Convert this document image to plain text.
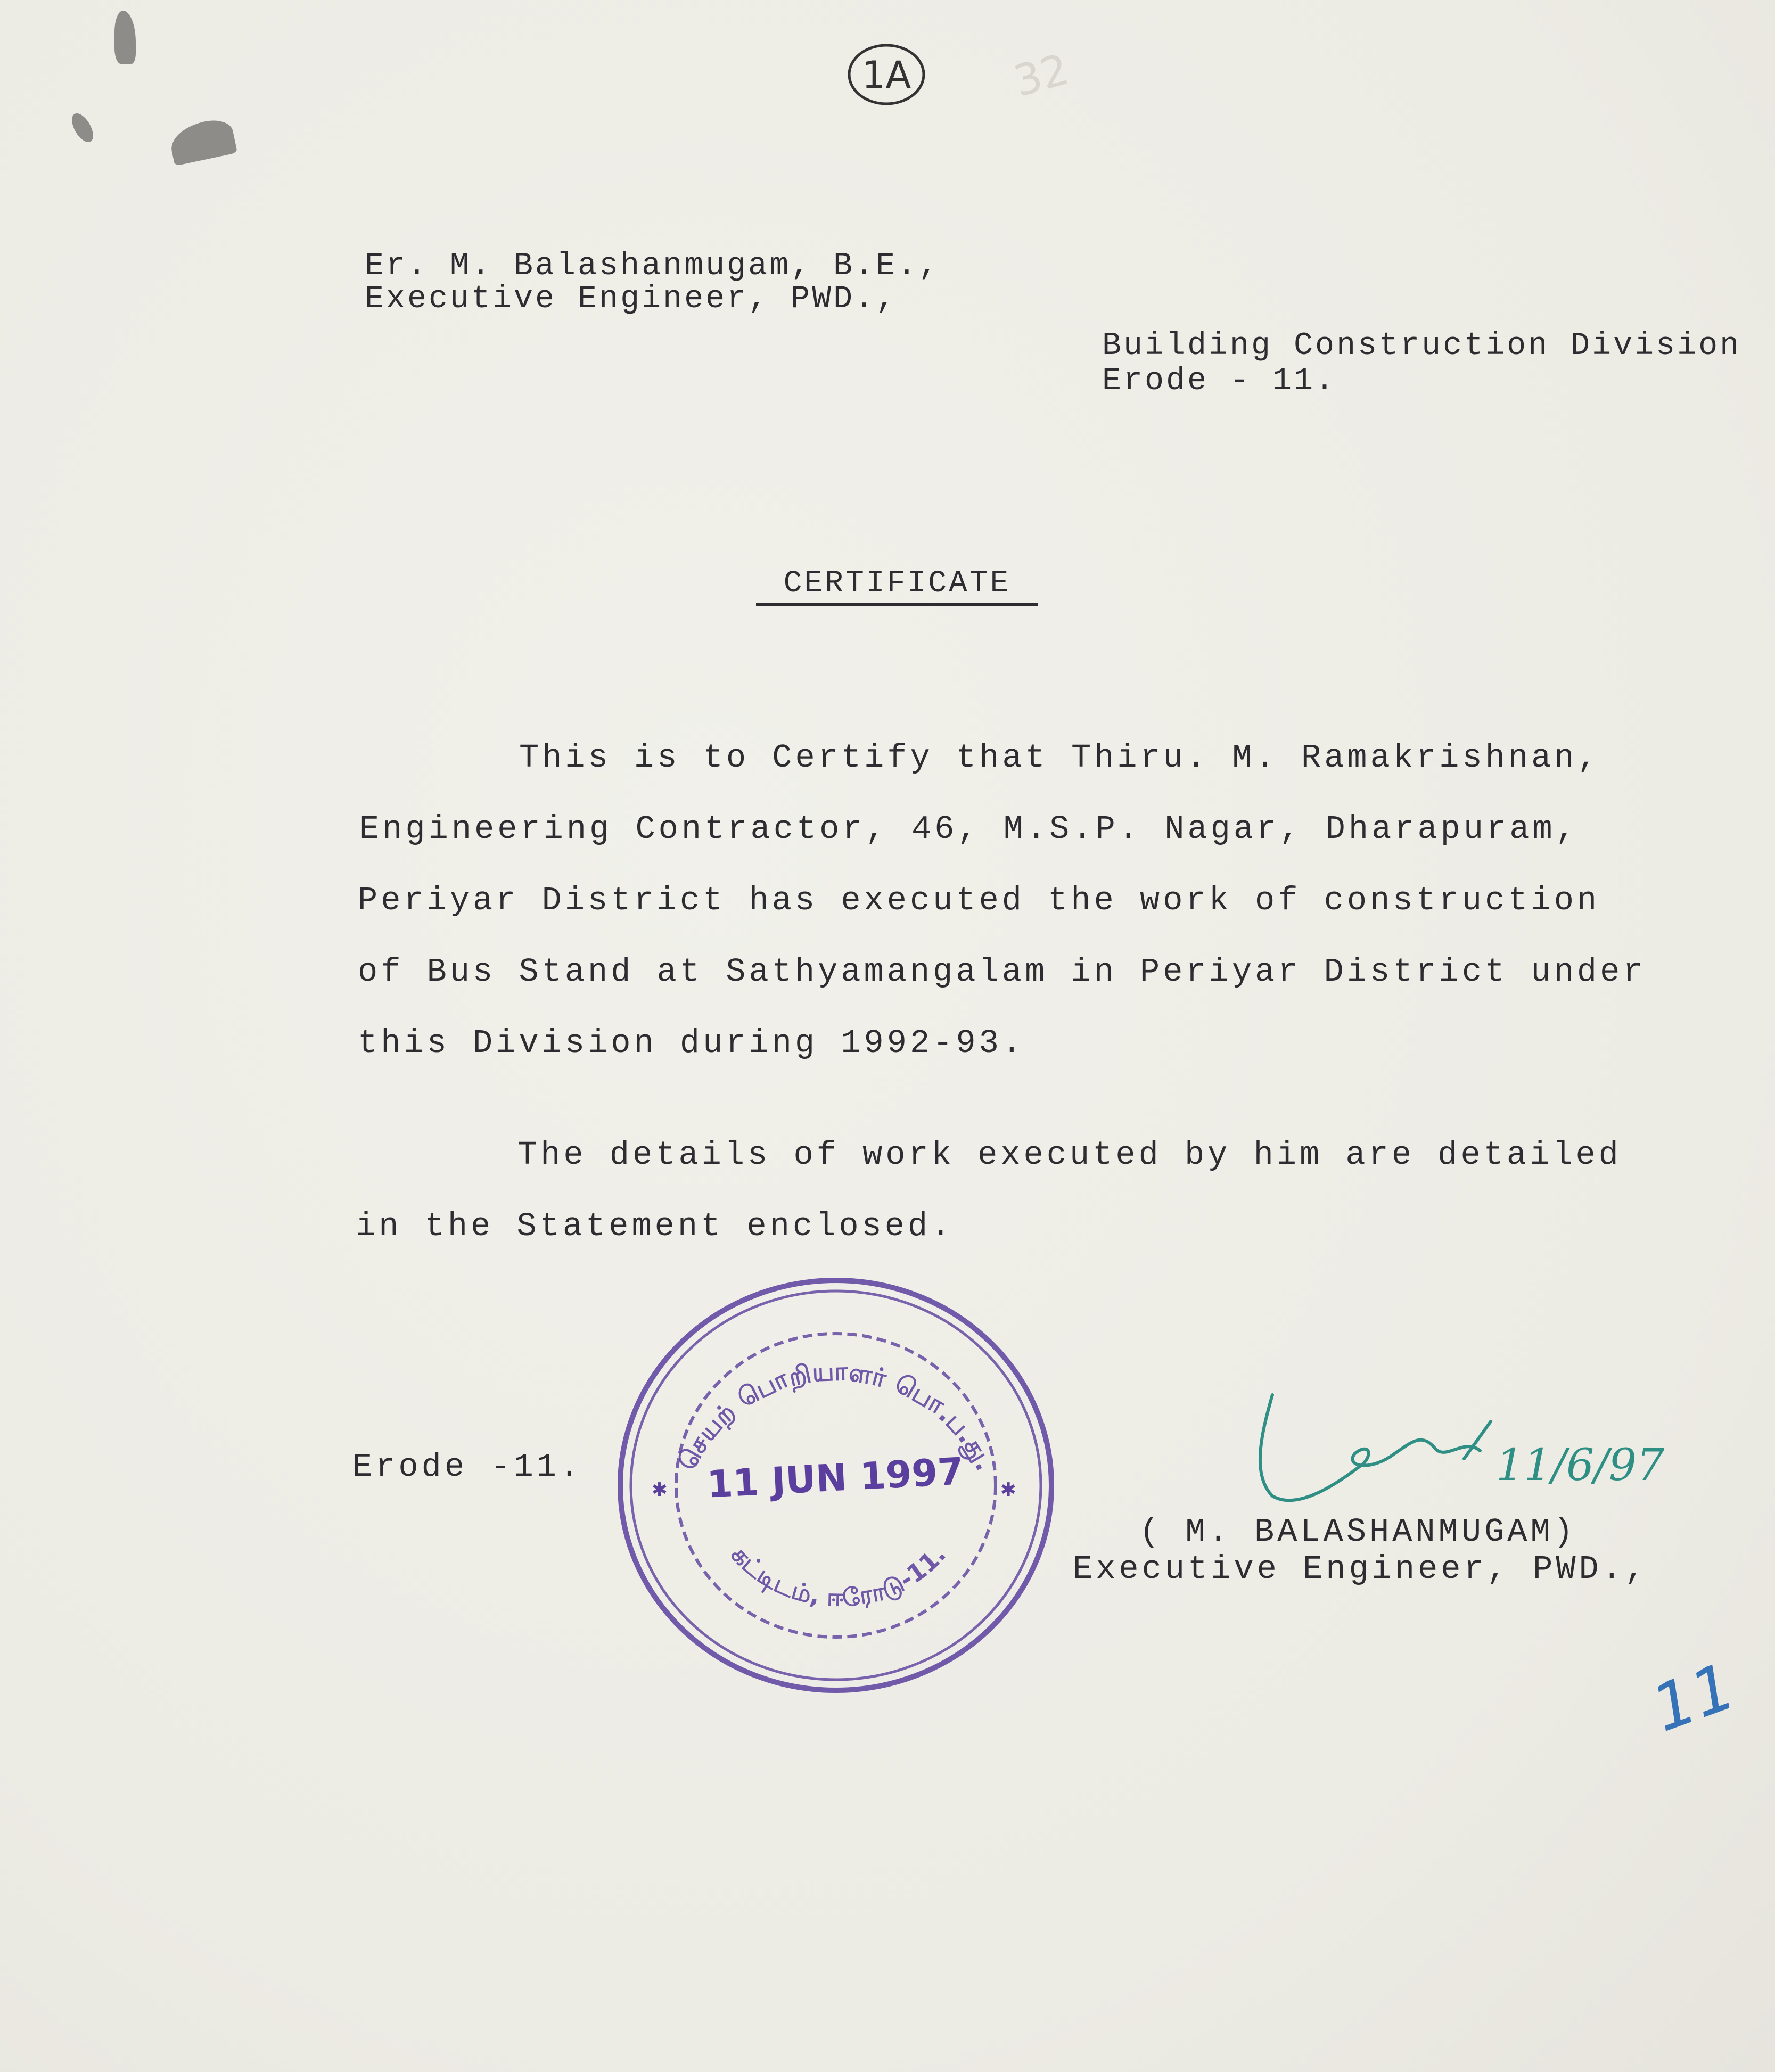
1A 32
Er. M. Balashanmugam, B.E.,
Executive Engineer, PWD.,
Building Construction Division
Erode - 11.
CERTIFICATE
This is to Certify that Thiru. M. Ramakrishnan,
Engineering Contractor, 46, M.S.P. Nagar, Dharapuram,
Periyar District has executed the work of construction
of Bus Stand at Sathyamangalam in Periyar District under
this Division during 1992-93.
The details of work executed by him are detailed
in the Statement enclosed.
Erode -11.	செயற் பொறியாளர் பொ.ப.து.
கட்டிடம், ஈரோடு-11.
✱	✱
11 JUN 1997	11/6/97
( M. BALASHANMUGAM)
Executive Engineer, PWD.,
11
